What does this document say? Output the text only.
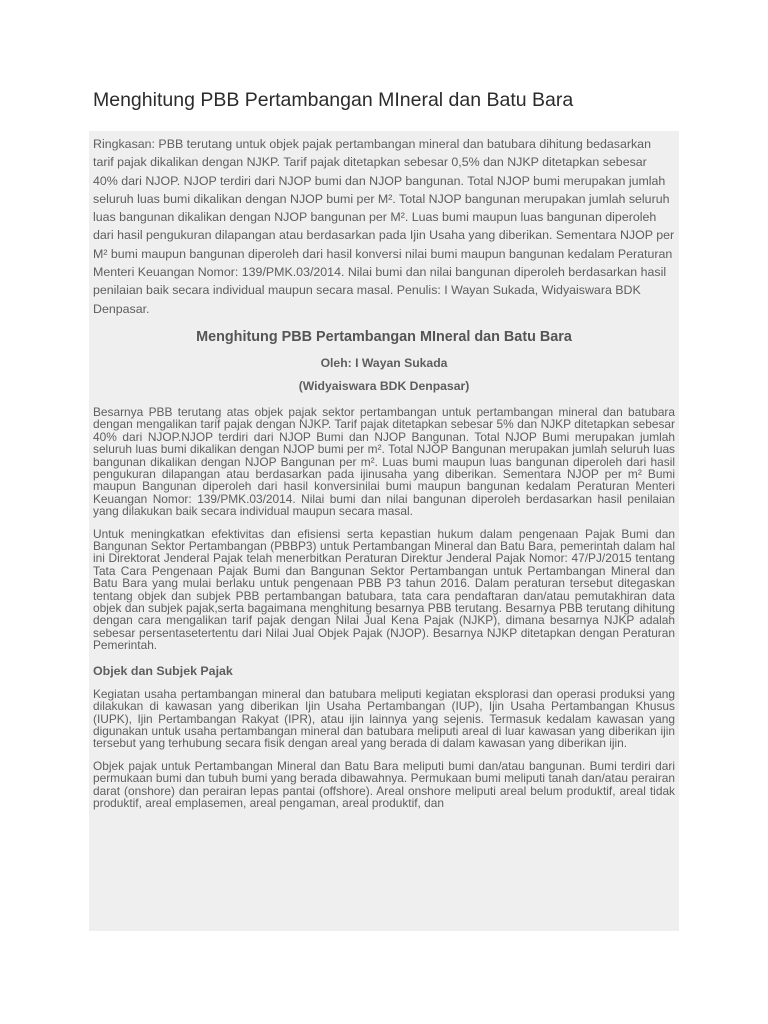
Menghitung PBB Pertambangan MIneral dan Batu Bara

Ringkasan: PBB terutang untuk objek pajak pertambangan mineral dan batubara dihitung bedasarkan tarif pajak dikalikan dengan NJKP. Tarif pajak ditetapkan sebesar 0,5% dan NJKP ditetapkan sebesar 40% dari NJOP. NJOP terdiri dari NJOP bumi dan NJOP bangunan. Total NJOP bumi merupakan jumlah seluruh luas bumi dikalikan dengan NJOP bumi per M². Total NJOP bangunan merupakan jumlah seluruh luas bangunan dikalikan dengan NJOP bangunan per M². Luas bumi maupun luas bangunan diperoleh dari hasil pengukuran dilapangan atau berdasarkan pada Ijin Usaha yang diberikan. Sementara NJOP per M² bumi maupun bangunan diperoleh dari hasil konversi nilai bumi maupun bangunan kedalam Peraturan Menteri Keuangan Nomor: 139/PMK.03/2014. Nilai bumi dan nilai bangunan diperoleh berdasarkan hasil penilaian baik secara individual maupun secara masal. Penulis: I Wayan Sukada, Widyaiswara BDK Denpasar.

Menghitung PBB Pertambangan MIneral dan Batu Bara

Oleh: I Wayan Sukada

(Widyaiswara BDK Denpasar)

Besarnya PBB terutang atas objek pajak sektor pertambangan untuk pertambangan mineral dan batubara dengan mengalikan tarif pajak dengan NJKP. Tarif pajak ditetapkan sebesar 5% dan NJKP ditetapkan sebesar 40% dari NJOP.NJOP terdiri dari NJOP Bumi dan NJOP Bangunan. Total NJOP Bumi merupakan jumlah seluruh luas bumi dikalikan dengan NJOP bumi per m². Total NJOP Bangunan merupakan jumlah seluruh luas bangunan dikalikan dengan NJOP Bangunan per m². Luas bumi maupun luas bangunan diperoleh dari hasil pengukuran dilapangan atau berdasarkan pada ijinusaha yang diberikan. Sementara NJOP per m² Bumi maupun Bangunan diperoleh dari hasil konversinilai bumi maupun bangunan kedalam Peraturan Menteri Keuangan Nomor: 139/PMK.03/2014. Nilai bumi dan nilai bangunan diperoleh berdasarkan hasil penilaian yang dilakukan baik secara individual maupun secara masal.

Untuk meningkatkan efektivitas dan efisiensi serta kepastian hukum dalam pengenaan Pajak Bumi dan Bangunan Sektor Pertambangan (PBBP3) untuk Pertambangan Mineral dan Batu Bara, pemerintah dalam hal ini Direktorat Jenderal Pajak telah menerbitkan Peraturan Direktur Jenderal Pajak Nomor: 47/PJ/2015 tentang Tata Cara Pengenaan Pajak Bumi dan Bangunan Sektor Pertambangan untuk Pertambangan Mineral dan Batu Bara yang mulai berlaku untuk pengenaan PBB P3 tahun 2016. Dalam peraturan tersebut ditegaskan tentang objek dan subjek PBB pertambangan batubara, tata cara pendaftaran dan/atau pemutakhiran data objek dan subjek pajak,serta bagaimana menghitung besarnya PBB terutang. Besarnya PBB terutang dihitung dengan cara mengalikan tarif pajak dengan Nilai Jual Kena Pajak (NJKP), dimana besarnya NJKP adalah sebesar persentasetertentu dari Nilai Jual Objek Pajak (NJOP). Besarnya NJKP ditetapkan dengan Peraturan Pemerintah.

Objek dan Subjek Pajak

Kegiatan usaha pertambangan mineral dan batubara meliputi kegiatan eksplorasi dan operasi produksi yang dilakukan di kawasan yang diberikan Ijin Usaha Pertambangan (IUP), Ijin Usaha Pertambangan Khusus (IUPK), Ijin Pertambangan Rakyat (IPR), atau ijin lainnya yang sejenis. Termasuk kedalam kawasan yang digunakan untuk usaha pertambangan mineral dan batubara meliputi areal di luar kawasan yang diberikan ijin tersebut yang terhubung secara fisik dengan areal yang berada di dalam kawasan yang diberikan ijin.

Objek pajak untuk Pertambangan Mineral dan Batu Bara meliputi bumi dan/atau bangunan. Bumi terdiri dari permukaan bumi dan tubuh bumi yang berada dibawahnya. Permukaan bumi meliputi tanah dan/atau perairan darat (onshore) dan perairan lepas pantai (offshore). Areal onshore meliputi areal belum produktif, areal tidak produktif, areal emplasemen, areal pengaman, areal produktif, dan
